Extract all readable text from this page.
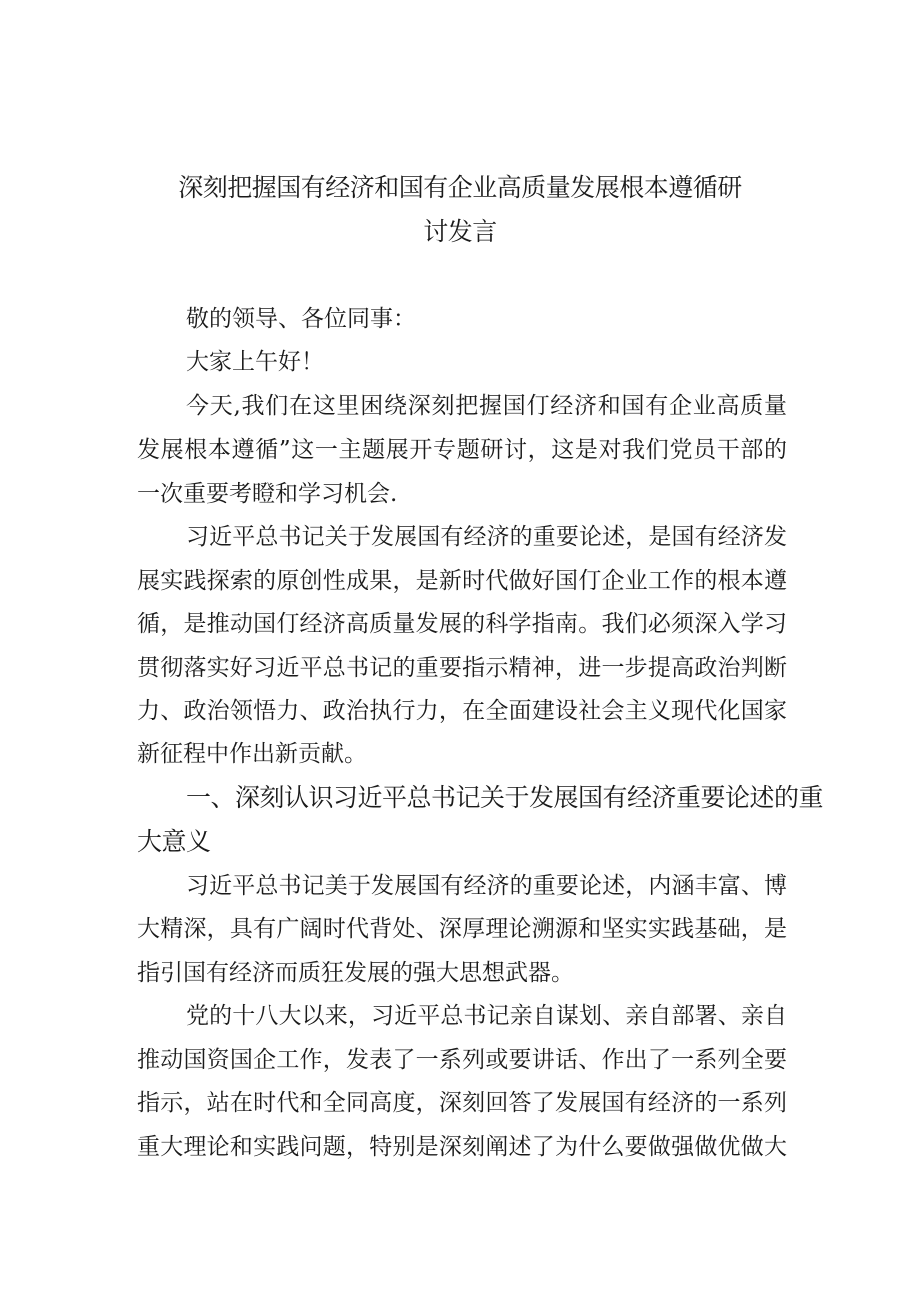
深刻把握国有经济和国有企业高质量发展根本遵循研
讨发言
敬的领导、各位同事：
大家上午好！
今天,我们在这里困绕深刻把握国仃经济和国有企业高质量
发展根本遵循”这一主题展开专题研讨，这是对我们党员干部的
一次重要考瞪和学习机会.
习近平总书记关于发展国有经济的重要论述，是国有经济发
展实践探索的原创性成果，是新时代做好国仃企业工作的根本遵
循，是推动国仃经济高质量发展的科学指南。我们必须深入学习
贯彻落实好习近平总书记的重要指示精神，进一步提高政治判断
力、政治领悟力、政治执行力，在全面建设社会主义现代化国家
新征程中作出新贡献。
一、深刻认识习近平总书记关于发展国有经济重要论述的重
大意义
习近平总书记美于发展国有经济的重要论述，内涵丰富、博
大精深，具有广阔时代背处、深厚理论溯源和坚实实践基础，是
指引国有经济而质狂发展的强大思想武器。
党的十八大以来，习近平总书记亲自谋划、亲自部署、亲自
推动国资国企工作，发表了一系列或要讲话、作出了一系列全要
指示，站在时代和全同高度，深刻回答了发展国有经济的一系列
重大理论和实践问题，特别是深刻阐述了为什么要做强做优做大
